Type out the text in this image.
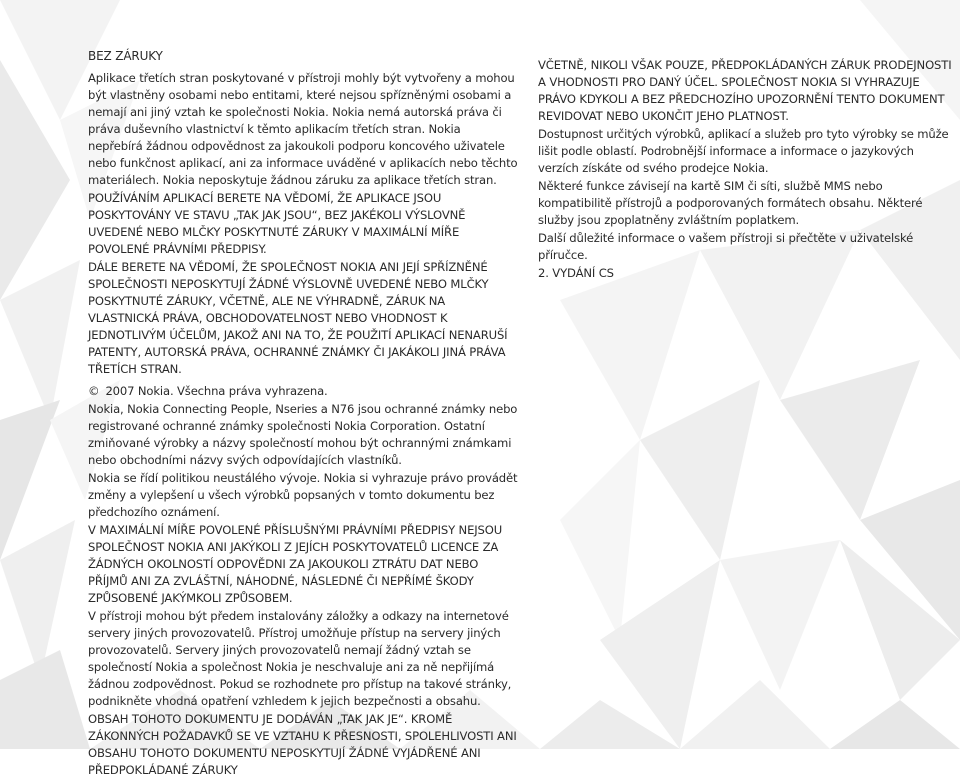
BEZ ZÁRUKY

Aplikace třetích stran poskytované v přístroji mohly být vytvořeny a mohou být vlastněny osobami nebo entitami, které nejsou spřízněnými osobami a nemají ani jiný vztah ke společnosti Nokia. Nokia nemá autorská práva či práva duševního vlastnictví k těmto aplikacím třetích stran. Nokia nepřebírá žádnou odpovědnost za jakoukoli podporu koncového uživatele nebo funkčnost aplikací, ani za informace uváděné v aplikacích nebo těchto materiálech. Nokia neposkytuje žádnou záruku za aplikace třetích stran.

POUŽÍVÁNÍM APLIKACÍ BERETE NA VĚDOMÍ, ŽE APLIKACE JSOU POSKYTOVÁNY VE STAVU „TAK JAK JSOU“, BEZ JAKÉKOLI VÝSLOVNĚ UVEDENÉ NEBO MLČKY POSKYTNUTÉ ZÁRUKY V MAXIMÁLNÍ MÍŘE POVOLENÉ PRÁVNÍMI PŘEDPISY.

DÁLE BERETE NA VĚDOMÍ, ŽE SPOLEČNOST NOKIA ANI JEJÍ SPŘÍZNĚNÉ SPOLEČNOSTI NEPOSKYTUJÍ ŽÁDNÉ VÝSLOVNĚ UVEDENÉ NEBO MLČKY POSKYTNUTÉ ZÁRUKY, VČETNĚ, ALE NE VÝHRADNĚ, ZÁRUK NA VLASTNICKÁ PRÁVA, OBCHODOVATELNOST NEBO VHODNOST K JEDNOTLIVÝM ÚČELŮM, JAKOŽ ANI NA TO, ŽE POUŽITÍ APLIKACÍ NENARUŠÍ PATENTY, AUTORSKÁ PRÁVA, OCHRANNÉ ZNÁMKY ČI JAKÁKOLI JINÁ PRÁVA TŘETÍCH STRAN.

© 2007 Nokia. Všechna práva vyhrazena.

Nokia, Nokia Connecting People, Nseries a N76 jsou ochranné známky nebo registrované ochranné známky společnosti Nokia Corporation. Ostatní zmiňované výrobky a názvy společností mohou být ochrannými známkami nebo obchodními názvy svých odpovídajících vlastníků.

Nokia se řídí politikou neustálého vývoje. Nokia si vyhrazuje právo provádět změny a vylepšení u všech výrobků popsaných v tomto dokumentu bez předchozího oznámení.

V MAXIMÁLNÍ MÍŘE POVOLENÉ PŘÍSLUŠNÝMI PRÁVNÍMI PŘEDPISY NEJSOU SPOLEČNOST NOKIA ANI JAKÝKOLI Z JEJÍCH POSKYTOVATELŮ LICENCE ZA ŽÁDNÝCH OKOLNOSTÍ ODPOVĚDNI ZA JAKOUKOLI ZTRÁTU DAT NEBO PŘÍJMŮ ANI ZA ZVLÁŠTNÍ, NÁHODNÉ, NÁSLEDNÉ ČI NEPŘÍMÉ ŠKODY ZPŮSOBENÉ JAKÝMKOLI ZPŮSOBEM.

V přístroji mohou být předem instalovány záložky a odkazy na internetové servery jiných provozovatelů. Přístroj umožňuje přístup na servery jiných provozovatelů. Servery jiných provozovatelů nemají žádný vztah se společností Nokia a společnost Nokia je neschvaluje ani za ně nepřijímá žádnou zodpovědnost. Pokud se rozhodnete pro přístup na takové stránky, podnikněte vhodná opatření vzhledem k jejich bezpečnosti a obsahu.

OBSAH TOHOTO DOKUMENTU JE DODÁVÁN „TAK JAK JE“. KROMĚ ZÁKONNÝCH POŽADAVKŮ SE VE VZTAHU K PŘESNOSTI, SPOLEHLIVOSTI ANI OBSAHU TOHOTO DOKUMENTU NEPOSKYTUJÍ ŽÁDNÉ VYJÁDŘENÉ ANI PŘEDPOKLÁDANÉ ZÁRUKY

VČETNĚ, NIKOLI VŠAK POUZE, PŘEDPOKLÁDANÝCH ZÁRUK PRODEJNOSTI A VHODNOSTI PRO DANÝ ÚČEL. SPOLEČNOST NOKIA SI VYHRAZUJE PRÁVO KDYKOLI A BEZ PŘEDCHOZÍHO UPOZORNĚNÍ TENTO DOKUMENT REVIDOVAT NEBO UKONČIT JEHO PLATNOST.

Dostupnost určitých výrobků, aplikací a služeb pro tyto výrobky se může lišit podle oblastí. Podrobnější informace a informace o jazykových verzích získáte od svého prodejce Nokia.

Některé funkce závisejí na kartě SIM či síti, službě MMS nebo kompatibilitě přístrojů a podporovaných formátech obsahu. Některé služby jsou zpoplatněny zvláštním poplatkem.

Další důležité informace o vašem přístroji si přečtěte v uživatelské příručce.

2. VYDÁNÍ CS
